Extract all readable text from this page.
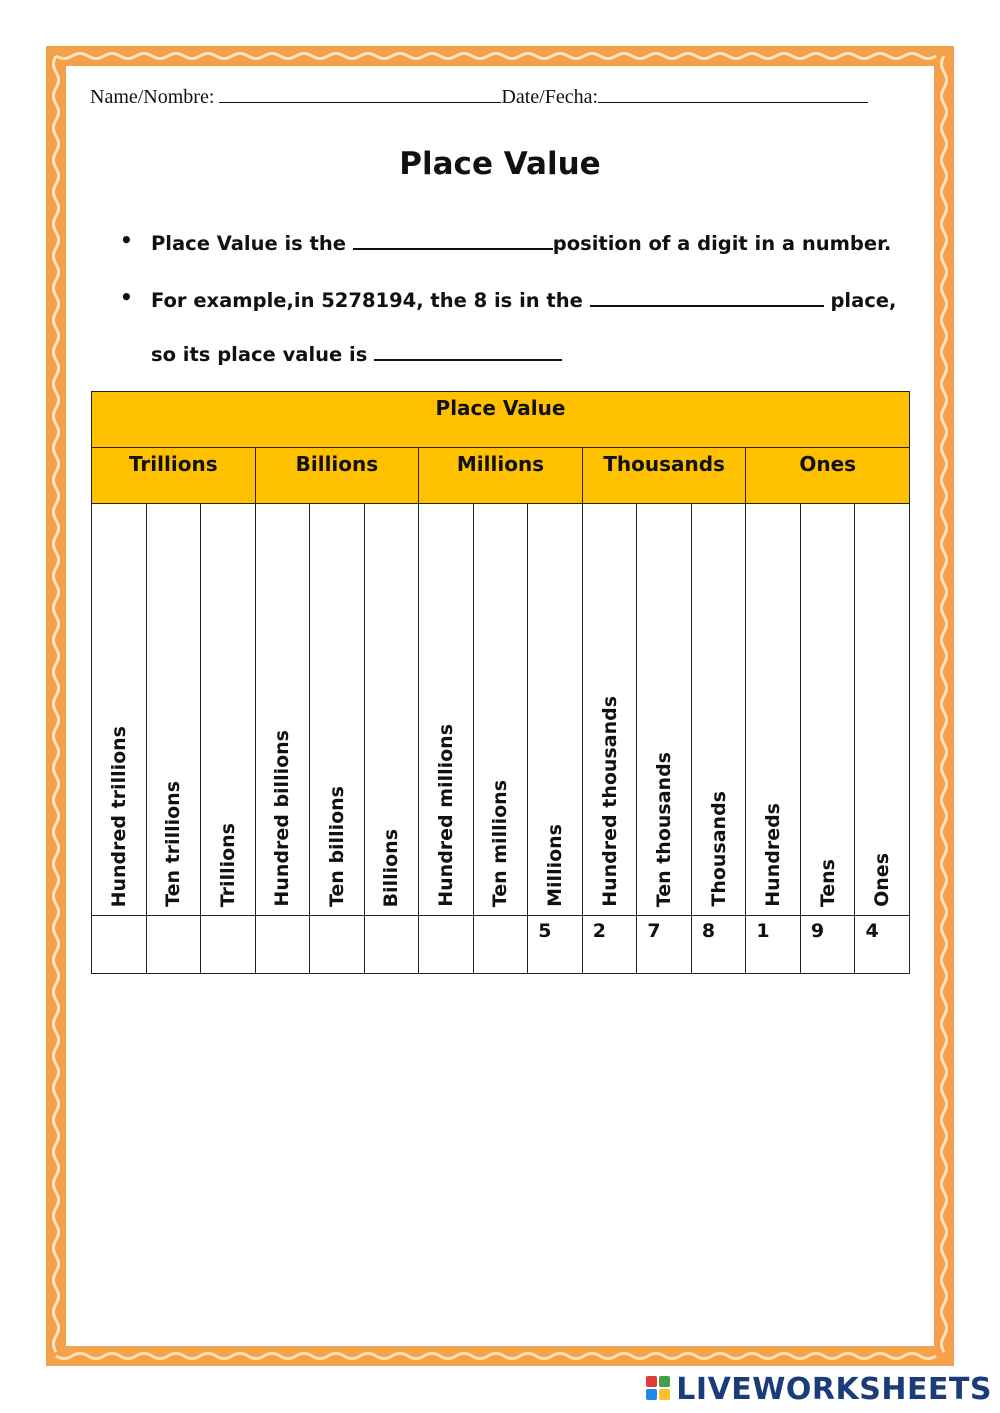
Name/Nombre:	Date/Fecha:
Place Value
• Place Value is the	position of a digit in a number.
• For example,in 5278194, the 8 is in the	place,
so its place value is
Place Value														
Trillions			Billions			Millions			Thousands			Ones		

Hundred trillions	Ten trillions	Trillions	Hundred billions	Ten billions	Billions	Hundred millions	Ten millions	Millions	Hundred thousands	Ten thousands	Thousands	Hundreds	Tens	Ones

								5	2	7	8	1	9	4
LIVEWORKSHEETS
